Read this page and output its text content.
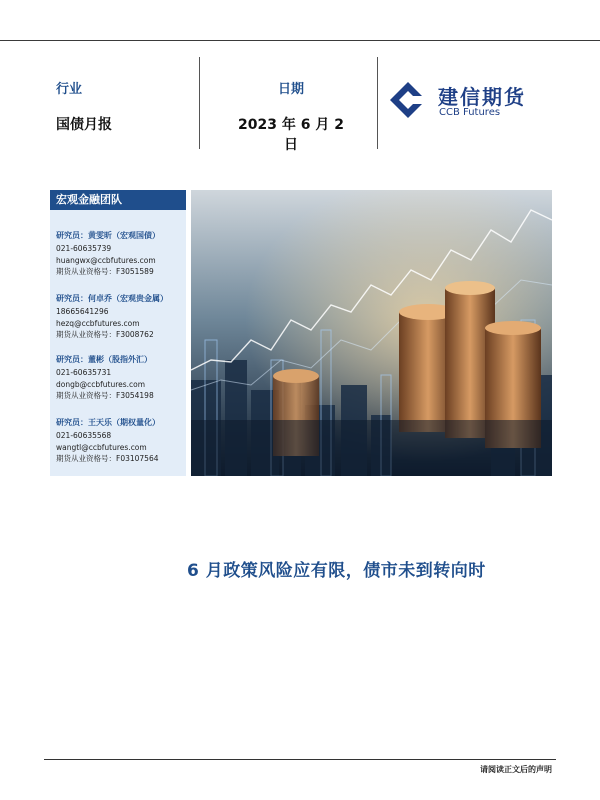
行业
国债月报
日期
2023 年 6 月 2 日
建信期货
CCB Futures
宏观金融团队
研究员：黄雯昕（宏观国债）
021-60635739
huangwx@ccbfutures.com
期货从业资格号：F3051589
研究员：何卓乔（宏观贵金属）
18665641296
hezq@ccbfutures.com
期货从业资格号：F3008762
研究员：董彬（股指外汇）
021-60635731
dongb@ccbfutures.com
期货从业资格号：F3054198
研究员：王天乐（期权量化）
021-60635568
wangtl@ccbfutures.com
期货从业资格号：F03107564
6 月政策风险应有限，债市未到转向时
请阅读正文后的声明
